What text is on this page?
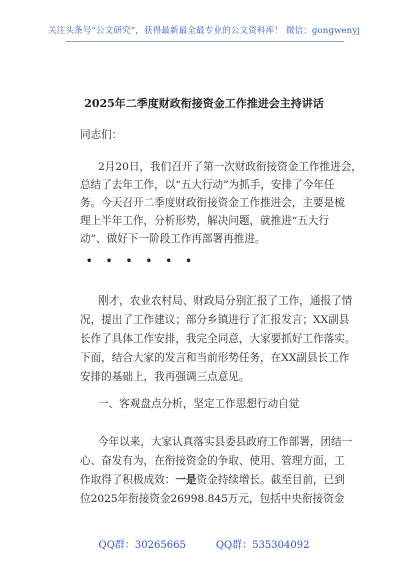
关注头条号“公文研究”，获得最新最全最专业的公文资料库！ 微信：gongwenyj
2025年二季度财政衔接资金工作推进会主持讲话
同志们：
2月20日，我们召开了第一次财政衔接资金工作推进会，
总结了去年工作，以“五大行动”为抓手，安排了今年任
务。今天召开二季度财政衔接资金工作推进会，主要是梳
• • • • • •
刚才，农业农村局、财政局分别汇报了工作，通报了情
况，提出了工作建议；部分乡镇进行了汇报发言；XX副县
长作了具体工作安排，我完全同意，大家要抓好工作落实。
下面，结合大家的发言和当前形势任务，在XX副县长工作
安排的基础上，我再强调三点意见。
一、客观盘点分析，坚定工作思想行动自觉
今年以来，大家认真落实县委县政府工作部署，团结一
心、奋发有为，在衔接资金的争取、使用、管理方面，工
作取得了积极成效：一是资金持续增长。截至目前，已到
位2025年衔接资金26998.845万元，包括中央衔接资金
QQ群：30265665	QQ群：535304092
理上半年工作，分析形势，解决问题，就推进“五大行
动”、做好下一阶段工作再部署再推进。
